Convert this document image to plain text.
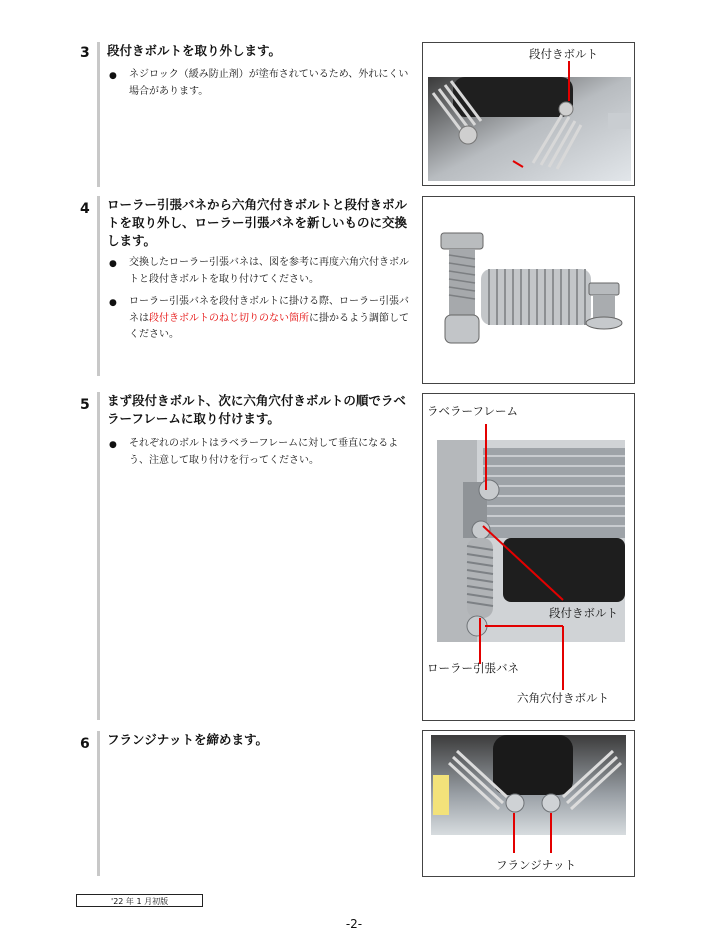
3 段付きボルトを取り外します。
● ネジロック（緩み防止剤）が塗布されているため、外れにくい場合があります。
段付きボルト
4 ローラー引張バネから六角穴付きボルトと段付きボルトを取り外し、ローラー引張バネを新しいものに交換します。
● 交換したローラー引張バネは、図を参考に再度六角穴付きボルトと段付きボルトを取り付けてください。
● ローラー引張バネを段付きボルトに掛ける際、ローラー引張バネは段付きボルトのねじ切りのない箇所に掛かるよう調節してください。
5 まず段付きボルト、次に六角穴付きボルトの順でラベラーフレームに取り付けます。
● それぞれのボルトはラベラーフレームに対して垂直になるよう、注意して取り付けを行ってください。
ラベラーフレーム
段付きボルト
ローラー引張バネ
六角穴付きボルト
6 フランジナットを締めます。
フランジナット
'22 年 1 月初版
-2-
